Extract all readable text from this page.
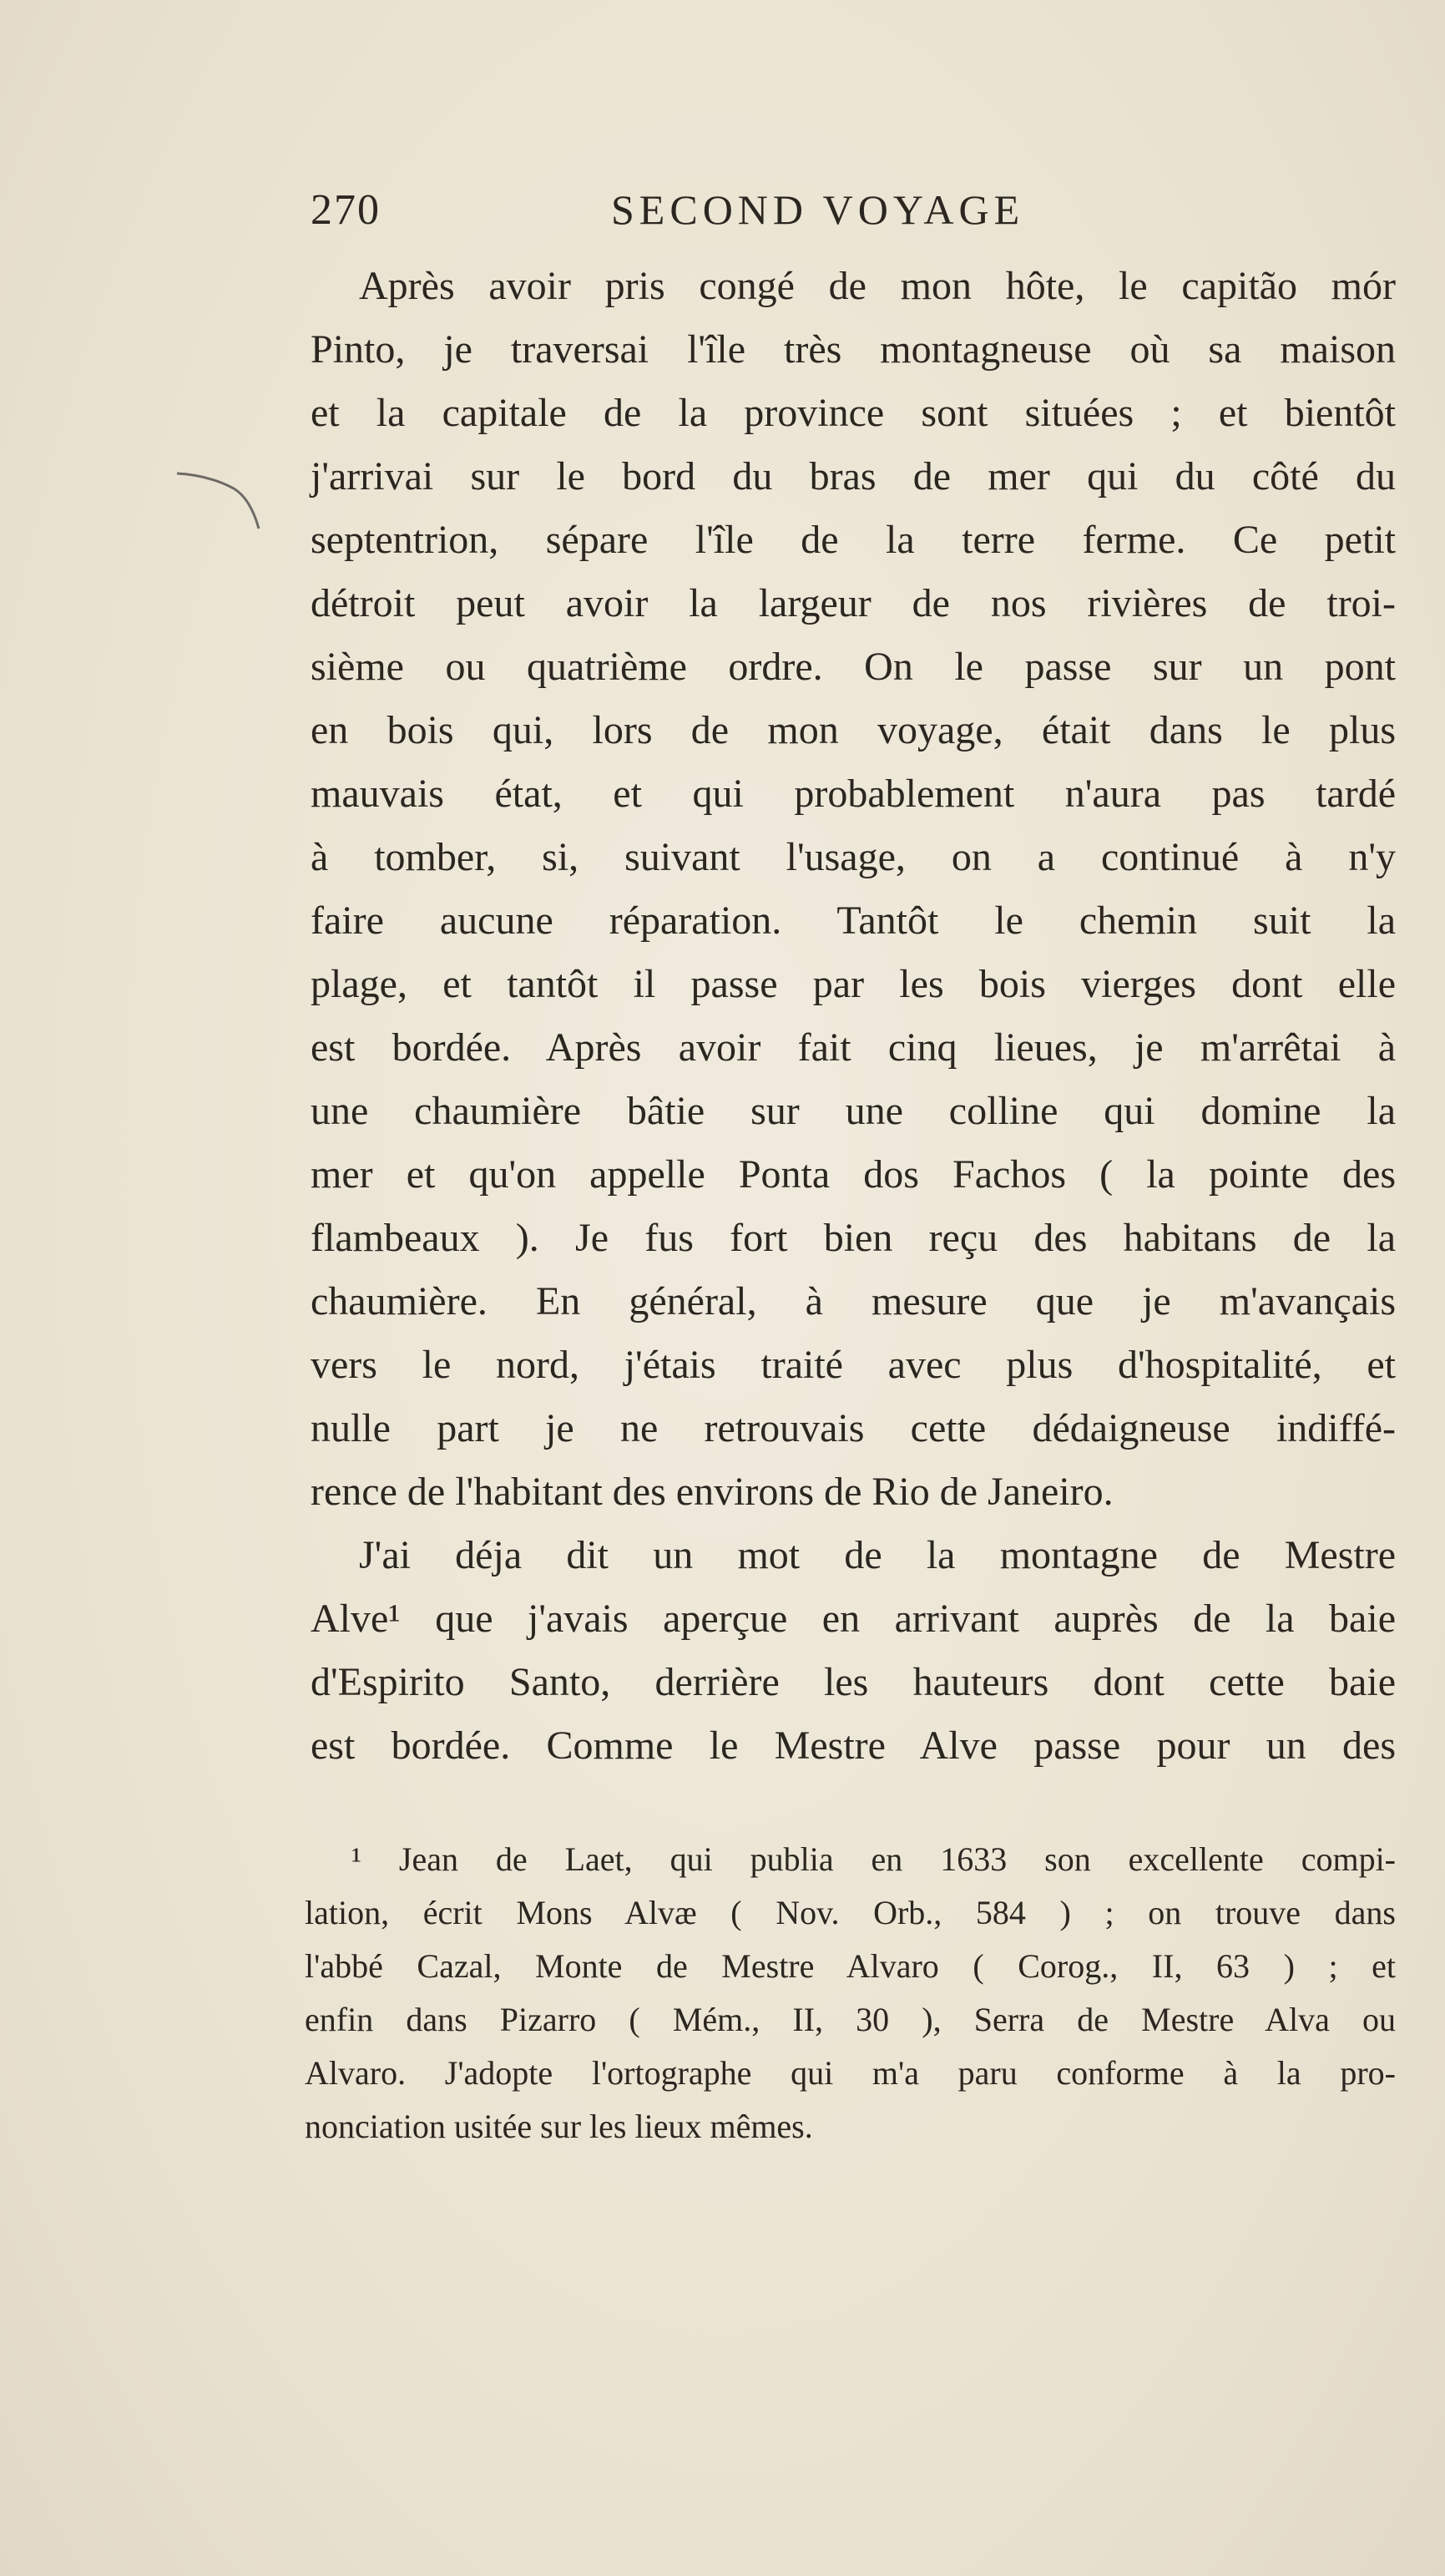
270	SECOND VOYAGE

Après avoir pris congé de mon hôte, le capitão mór

Pinto, je traversai l'île très montagneuse où sa maison

et la capitale de la province sont situées ; et bientôt

j'arrivai sur le bord du bras de mer qui du côté du

septentrion, sépare l'île de la terre ferme. Ce petit

détroit peut avoir la largeur de nos rivières de troi-

sième ou quatrième ordre. On le passe sur un pont

en bois qui, lors de mon voyage, était dans le plus

mauvais état, et qui probablement n'aura pas tardé

à tomber, si, suivant l'usage, on a continué à n'y

faire aucune réparation. Tantôt le chemin suit la

plage, et tantôt il passe par les bois vierges dont elle

est bordée. Après avoir fait cinq lieues, je m'arrêtai à

une chaumière bâtie sur une colline qui domine la

mer et qu'on appelle Ponta dos Fachos ( la pointe des

flambeaux ). Je fus fort bien reçu des habitans de la

chaumière. En général, à mesure que je m'avançais

vers le nord, j'étais traité avec plus d'hospitalité, et

nulle part je ne retrouvais cette dédaigneuse indiffé-

rence de l'habitant des environs de Rio de Janeiro.

J'ai déja dit un mot de la montagne de Mestre

Alve¹ que j'avais aperçue en arrivant auprès de la baie

d'Espirito Santo, derrière les hauteurs dont cette baie

est bordée. Comme le Mestre Alve passe pour un des

¹ Jean de Laet, qui publia en 1633 son excellente compi-

lation, écrit Mons Alvæ ( Nov. Orb., 584 ) ; on trouve dans

l'abbé Cazal, Monte de Mestre Alvaro ( Corog., II, 63 ) ; et

enfin dans Pizarro ( Mém., II, 30 ), Serra de Mestre Alva ou

Alvaro. J'adopte l'ortographe qui m'a paru conforme à la pro-

nonciation usitée sur les lieux mêmes.
